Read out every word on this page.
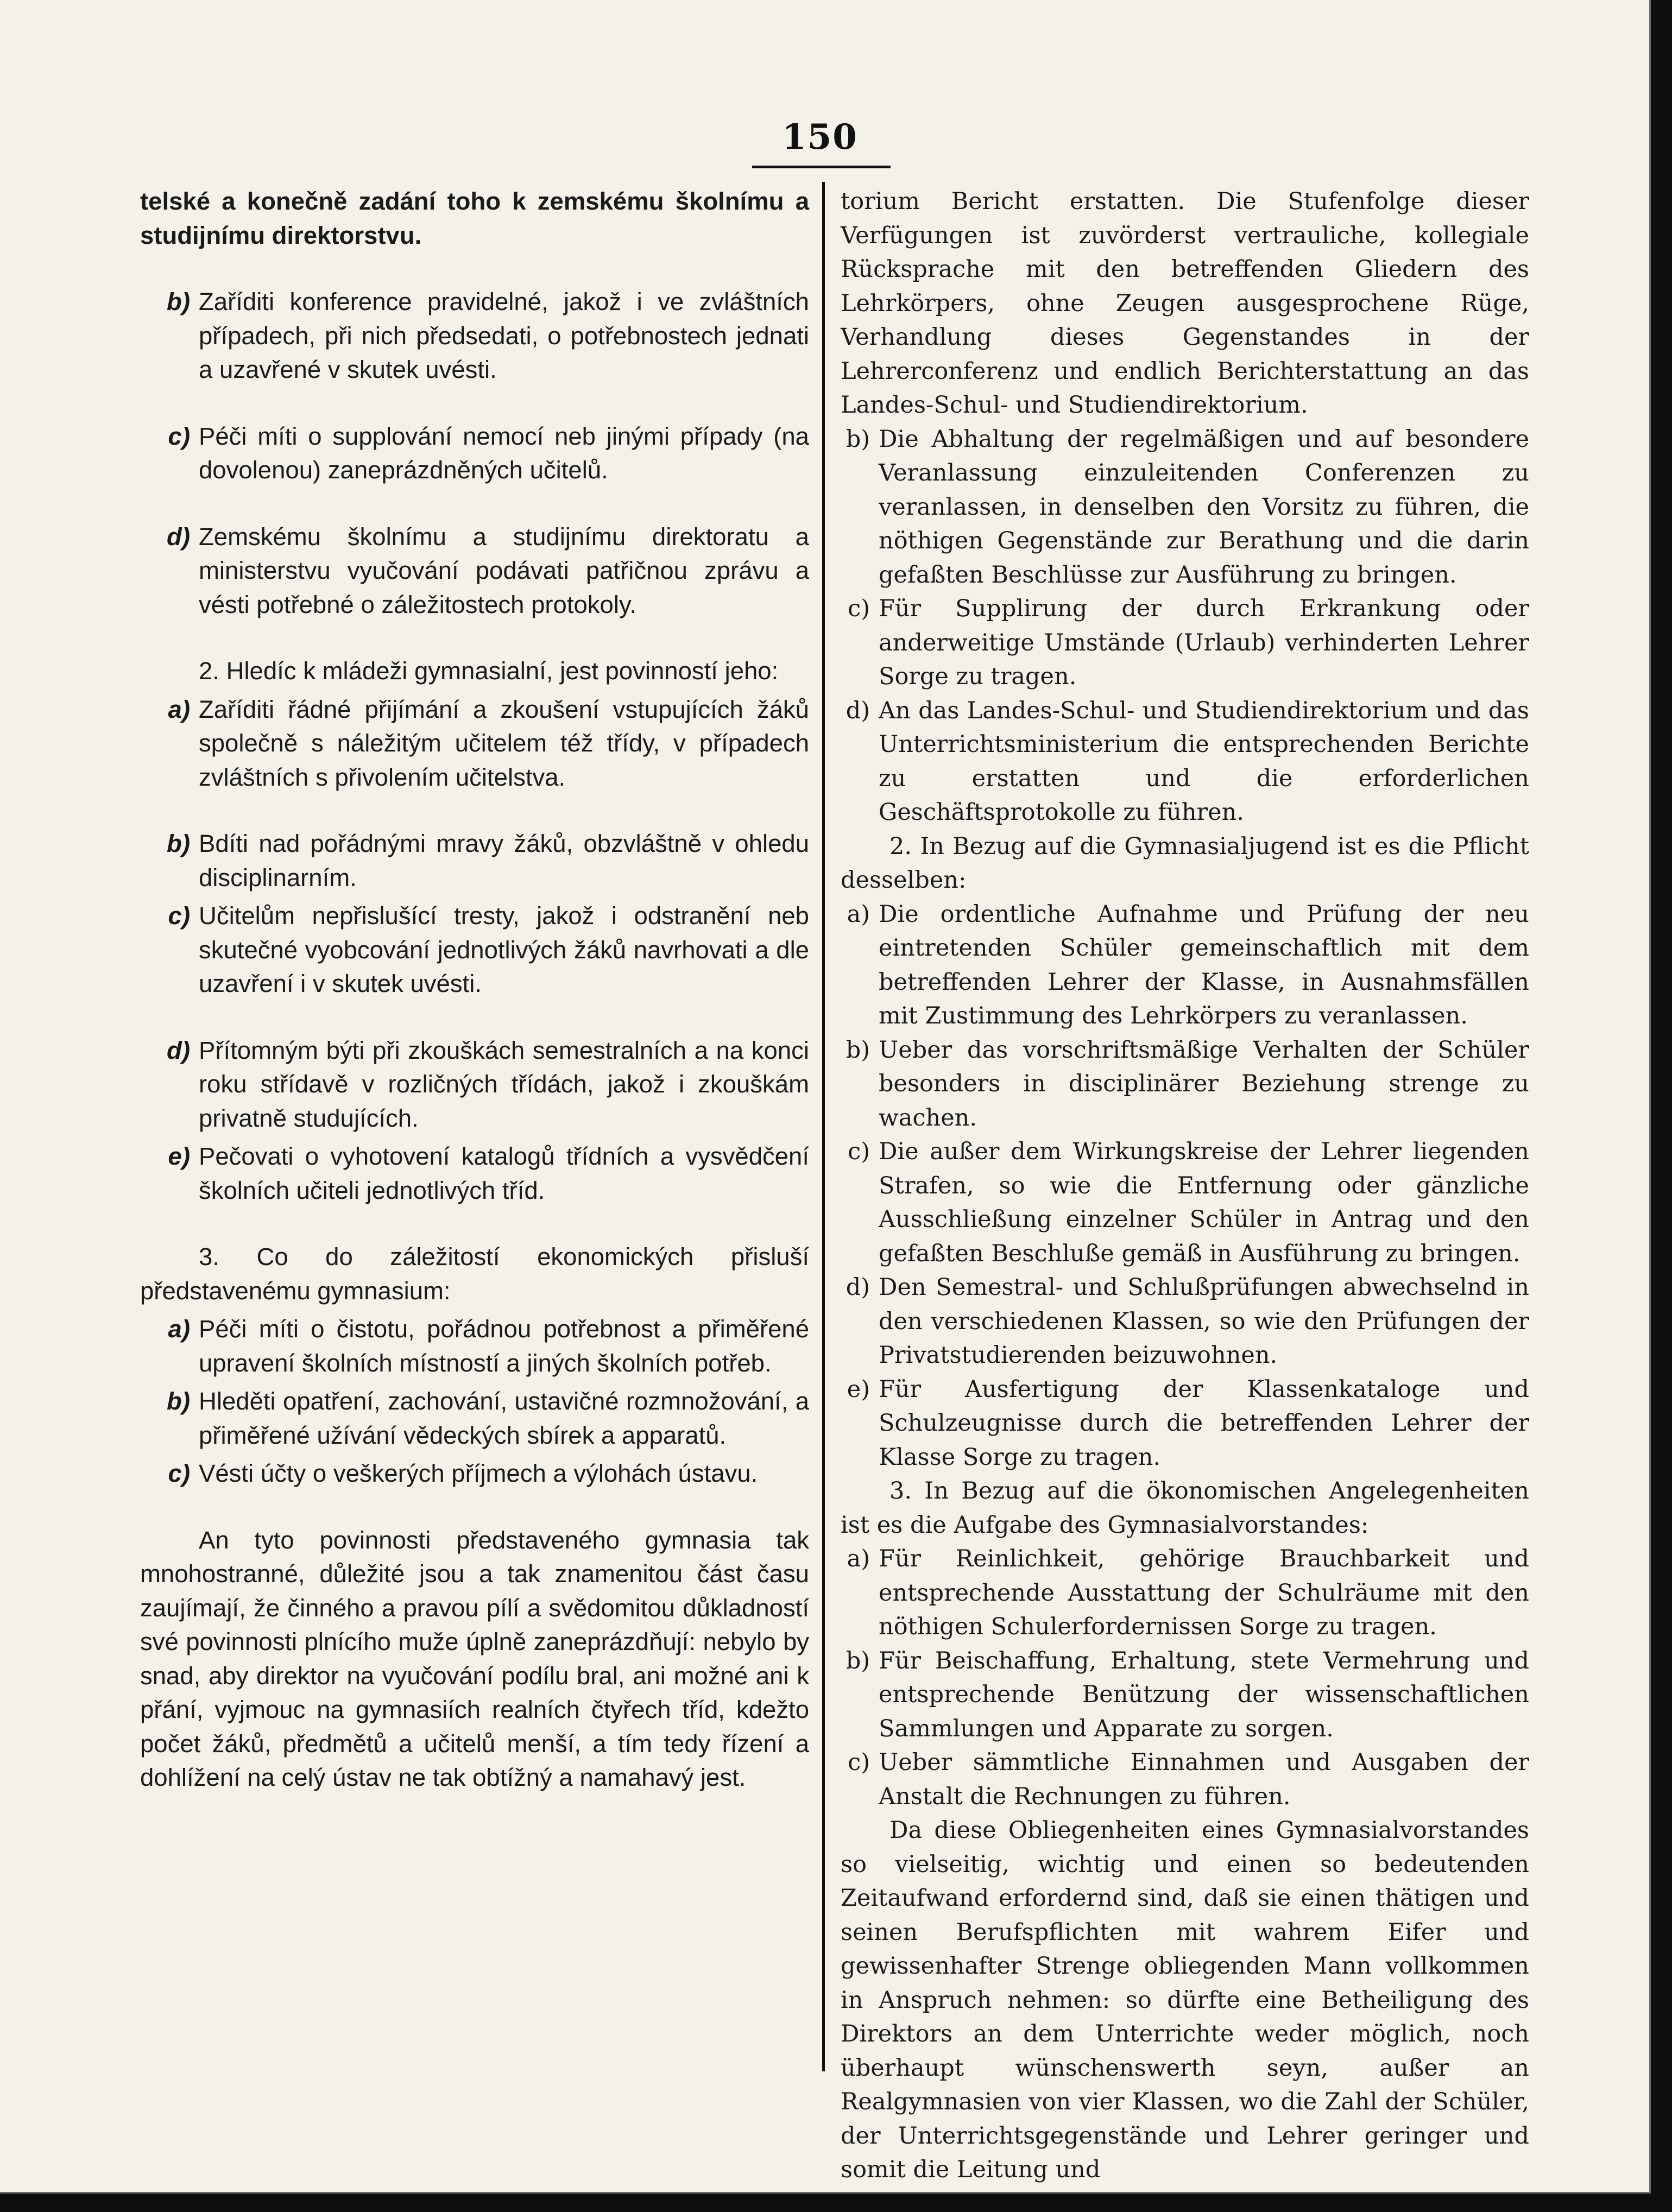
150
telské a konečně zadání toho k zemskému školnímu a studijnímu direktorstvu.
b) Zaříditi konference pravidelné, jakož i ve zvláštních případech, při nich předsedati, o potřebnostech jednati a uzavřené v skutek uvésti.
c) Péči míti o supplování nemocí neb jinými případy (na dovolenou) zaneprázdněných učitelů.
d) Zemskému školnímu a studijnímu direktoratu a ministerstvu vyučování podávati patřičnou zprávu a vésti potřebné o záležitostech protokoly.
2. Hledíc k mládeži gymnasialní, jest povinností jeho:
a) Zaříditi řádné přijímání a zkoušení vstupujících žáků společně s náležitým učitelem též třídy, v případech zvláštních s přivolením učitelstva.
b) Bdíti nad pořádnými mravy žáků, obzvláštně v ohledu disciplinarním.
c) Učitelům nepřislušící tresty, jakož i odstranění neb skutečné vyobcování jednotlivých žáků navrhovati a dle uzavření i v skutek uvésti.
d) Přítomným býti při zkouškách semestralních a na konci roku střídavě v rozličných třídách, jakož i zkouškám privatně studujících.
e) Pečovati o vyhotovení katalogů třídních a vysvědčení školních učiteli jednotlivých tříd.
3. Co do záležitostí ekonomických přisluší představenému gymnasium:
a) Péči míti o čistotu, pořádnou potřebnost a přiměřené upravení školních místností a jiných školních potřeb.
b) Hleděti opatření, zachování, ustavičné rozmnožování, a přiměřené užívání vědeckých sbírek a apparatů.
c) Vésti účty o veškerých příjmech a výlohách ústavu.
An tyto povinnosti představeného gymnasia tak mnohostranné, důležité jsou a tak znamenitou část času zaujímají, že činného a pravou pílí a svědomitou důkladností své povinnosti plnícího muže úplně zaneprázdňují: nebylo by snad, aby direktor na vyučování podílu bral, ani možné ani k přání, vyjmouc na gymnasiích realních čtyřech tříd, kdežto počet žáků, předmětů a učitelů menší, a tím tedy řízení a dohlížení na celý ústav ne tak obtížný a namahavý jest.
torium Bericht erstatten. Die Stufenfolge dieser Verfügungen ist zuvörderst vertrauliche, kollegiale Rücksprache mit den betreffenden Gliedern des Lehrkörpers, ohne Zeugen ausgesprochene Rüge, Verhandlung dieses Gegenstandes in der Lehrerconferenz und endlich Berichterstattung an das Landes-Schul- und Studiendirektorium.
b) Die Abhaltung der regelmäßigen und auf besondere Veranlassung einzuleitenden Conferenzen zu veranlassen, in denselben den Vorsitz zu führen, die nöthigen Gegenstände zur Berathung und die darin gefaßten Beschlüsse zur Ausführung zu bringen.
c) Für Supplirung der durch Erkrankung oder anderweitige Umstände (Urlaub) verhinderten Lehrer Sorge zu tragen.
d) An das Landes-Schul- und Studiendirektorium und das Unterrichtsministerium die entsprechenden Berichte zu erstatten und die erforderlichen Geschäftsprotokolle zu führen.
2. In Bezug auf die Gymnasialjugend ist es die Pflicht desselben:
a) Die ordentliche Aufnahme und Prüfung der neu eintretenden Schüler gemeinschaftlich mit dem betreffenden Lehrer der Klasse, in Ausnahmsfällen mit Zustimmung des Lehrkörpers zu veranlassen.
b) Ueber das vorschriftsmäßige Verhalten der Schüler besonders in disciplinärer Beziehung strenge zu wachen.
c) Die außer dem Wirkungskreise der Lehrer liegenden Strafen, so wie die Entfernung oder gänzliche Ausschließung einzelner Schüler in Antrag und den gefaßten Beschluße gemäß in Ausführung zu bringen.
d) Den Semestral- und Schlußprüfungen abwechselnd in den verschiedenen Klassen, so wie den Prüfungen der Privatstudierenden beizuwohnen.
e) Für Ausfertigung der Klassenkataloge und Schulzeugnisse durch die betreffenden Lehrer der Klasse Sorge zu tragen.
3. In Bezug auf die ökonomischen Angelegenheiten ist es die Aufgabe des Gymnasialvorstandes:
a) Für Reinlichkeit, gehörige Brauchbarkeit und entsprechende Ausstattung der Schulräume mit den nöthigen Schulerfordernissen Sorge zu tragen.
b) Für Beischaffung, Erhaltung, stete Vermehrung und entsprechende Benützung der wissenschaftlichen Sammlungen und Apparate zu sorgen.
c) Ueber sämmtliche Einnahmen und Ausgaben der Anstalt die Rechnungen zu führen.
Da diese Obliegenheiten eines Gymnasialvorstandes so vielseitig, wichtig und einen so bedeutenden Zeitaufwand erfordernd sind, daß sie einen thätigen und seinen Berufspflichten mit wahrem Eifer und gewissenhafter Strenge obliegenden Mann vollkommen in Anspruch nehmen: so dürfte eine Betheiligung des Direktors an dem Unterrichte weder möglich, noch überhaupt wünschenswerth seyn, außer an Realgymnasien von vier Klassen, wo die Zahl der Schüler, der Unterrichtsgegenstände und Lehrer geringer und somit die Leitung und
